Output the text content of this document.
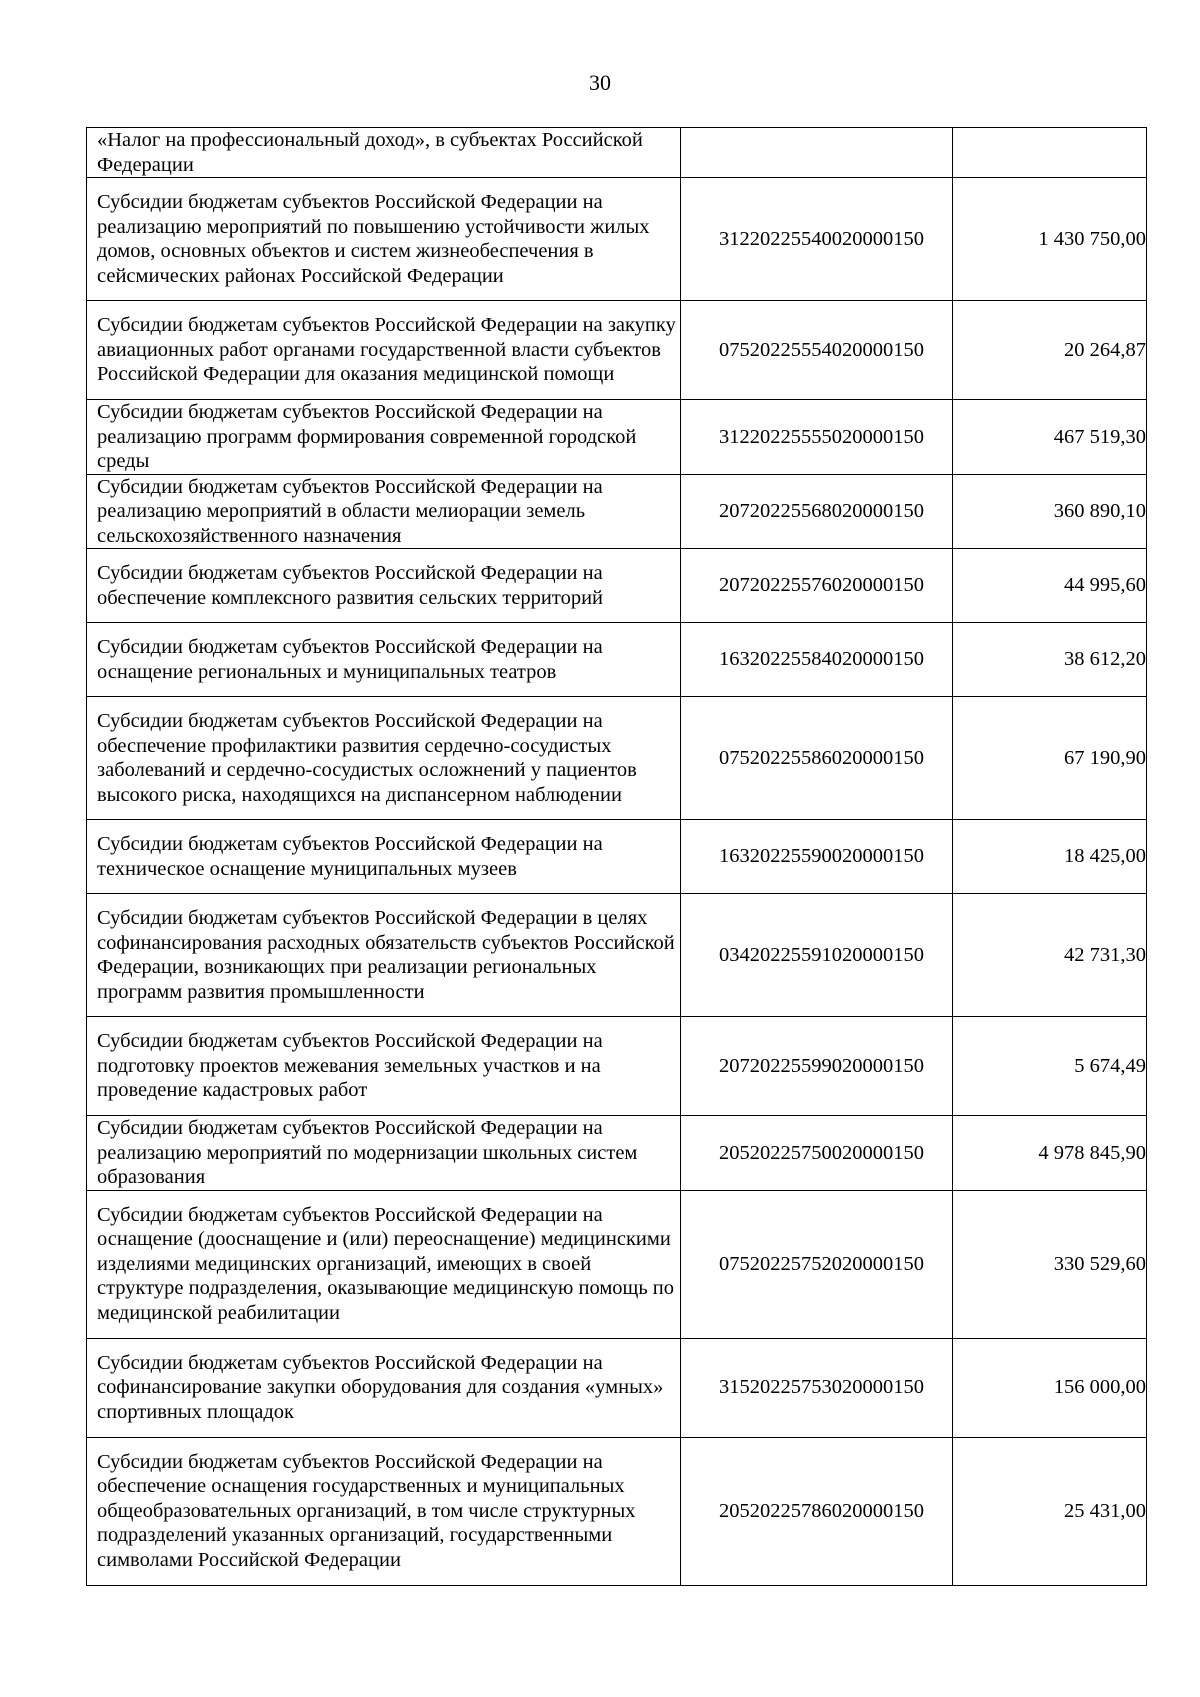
30
«Налог на профессиональный доход», в субъектах Российской Федерации		
Субсидии бюджетам субъектов Российской Федерации на реализацию мероприятий по повышению устойчивости жилых домов, основных объектов и систем жизнеобеспечения в сейсмических районах Российской Федерации	31220225540020000150	1 430 750,00
Субсидии бюджетам субъектов Российской Федерации на закупку авиационных работ органами государственной власти субъектов Российской Федерации для оказания медицинской помощи	07520225554020000150	20 264,87
Субсидии бюджетам субъектов Российской Федерации на реализацию программ формирования современной городской среды	31220225555020000150	467 519,30
Субсидии бюджетам субъектов Российской Федерации на реализацию мероприятий в области мелиорации земель сельскохозяйственного назначения	20720225568020000150	360 890,10
Субсидии бюджетам субъектов Российской Федерации на обеспечение комплексного развития сельских территорий	20720225576020000150	44 995,60
Субсидии бюджетам субъектов Российской Федерации на оснащение региональных и муниципальных театров	16320225584020000150	38 612,20
Субсидии бюджетам субъектов Российской Федерации на обеспечение профилактики развития сердечно-сосудистых заболеваний и сердечно-сосудистых осложнений у пациентов высокого риска, находящихся на диспансерном наблюдении	07520225586020000150	67 190,90
Субсидии бюджетам субъектов Российской Федерации на техническое оснащение муниципальных музеев	16320225590020000150	18 425,00
Субсидии бюджетам субъектов Российской Федерации в целях софинансирования расходных обязательств субъектов Российской Федерации, возникающих при реализации региональных программ развития промышленности	03420225591020000150	42 731,30
Субсидии бюджетам субъектов Российской Федерации на подготовку проектов межевания земельных участков и на проведение кадастровых работ	20720225599020000150	5 674,49
Субсидии бюджетам субъектов Российской Федерации на реализацию мероприятий по модернизации школьных систем образования	20520225750020000150	4 978 845,90
Субсидии бюджетам субъектов Российской Федерации на оснащение (дооснащение и (или) переоснащение) медицинскими изделиями медицинских организаций, имеющих в своей структуре подразделения, оказывающие медицинскую помощь по медицинской реабилитации	07520225752020000150	330 529,60
Субсидии бюджетам субъектов Российской Федерации на софинансирование закупки оборудования для создания «умных» спортивных площадок	31520225753020000150	156 000,00
Субсидии бюджетам субъектов Российской Федерации на обеспечение оснащения государственных и муниципальных общеобразовательных организаций, в том числе структурных подразделений указанных организаций, государственными символами Российской Федерации	20520225786020000150	25 431,00
